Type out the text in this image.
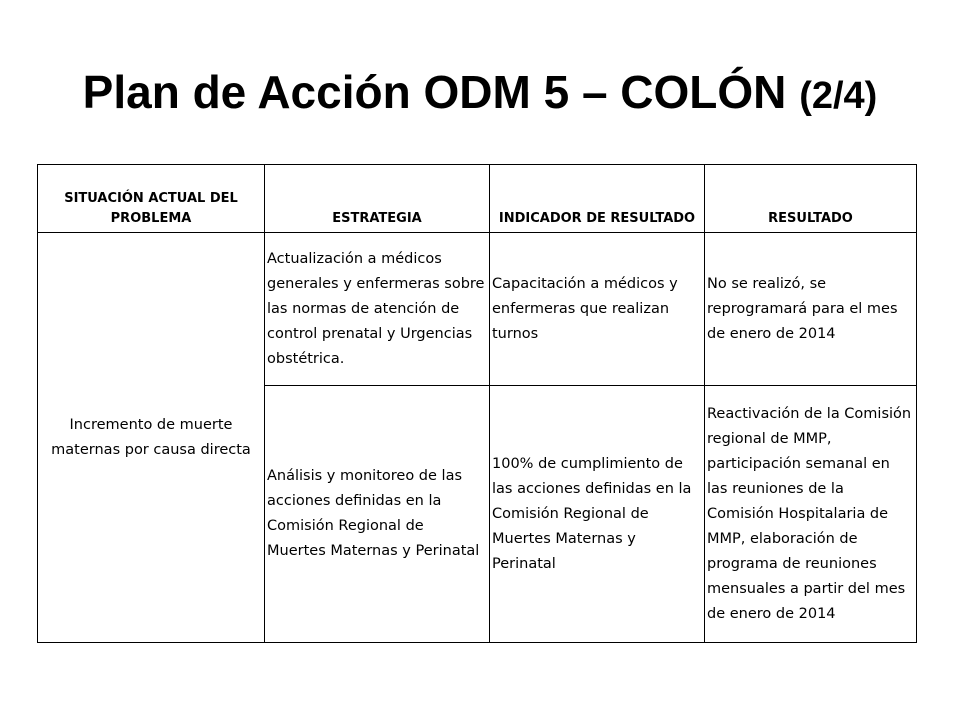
Plan de Acción ODM 5 – COLÓN (2/4)
SITUACIÓN ACTUAL DEL PROBLEMA	ESTRATEGIA	INDICADOR DE RESULTADO	RESULTADO
Incremento de muerte maternas por causa directa	Actualización a médicos generales y enfermeras sobre las normas de atención de control prenatal y Urgencias obstétrica.	Capacitación a médicos y enfermeras que realizan turnos	No se realizó, se reprogramará para el mes de enero de 2014
	Análisis y monitoreo de las acciones definidas en la Comisión Regional de Muertes Maternas y Perinatal	100% de cumplimiento de las acciones definidas en la Comisión Regional de Muertes Maternas y Perinatal	Reactivación de la Comisión regional de MMP, participación semanal en las reuniones de la Comisión Hospitalaria de MMP, elaboración de programa de reuniones mensuales a partir del mes de enero de 2014
